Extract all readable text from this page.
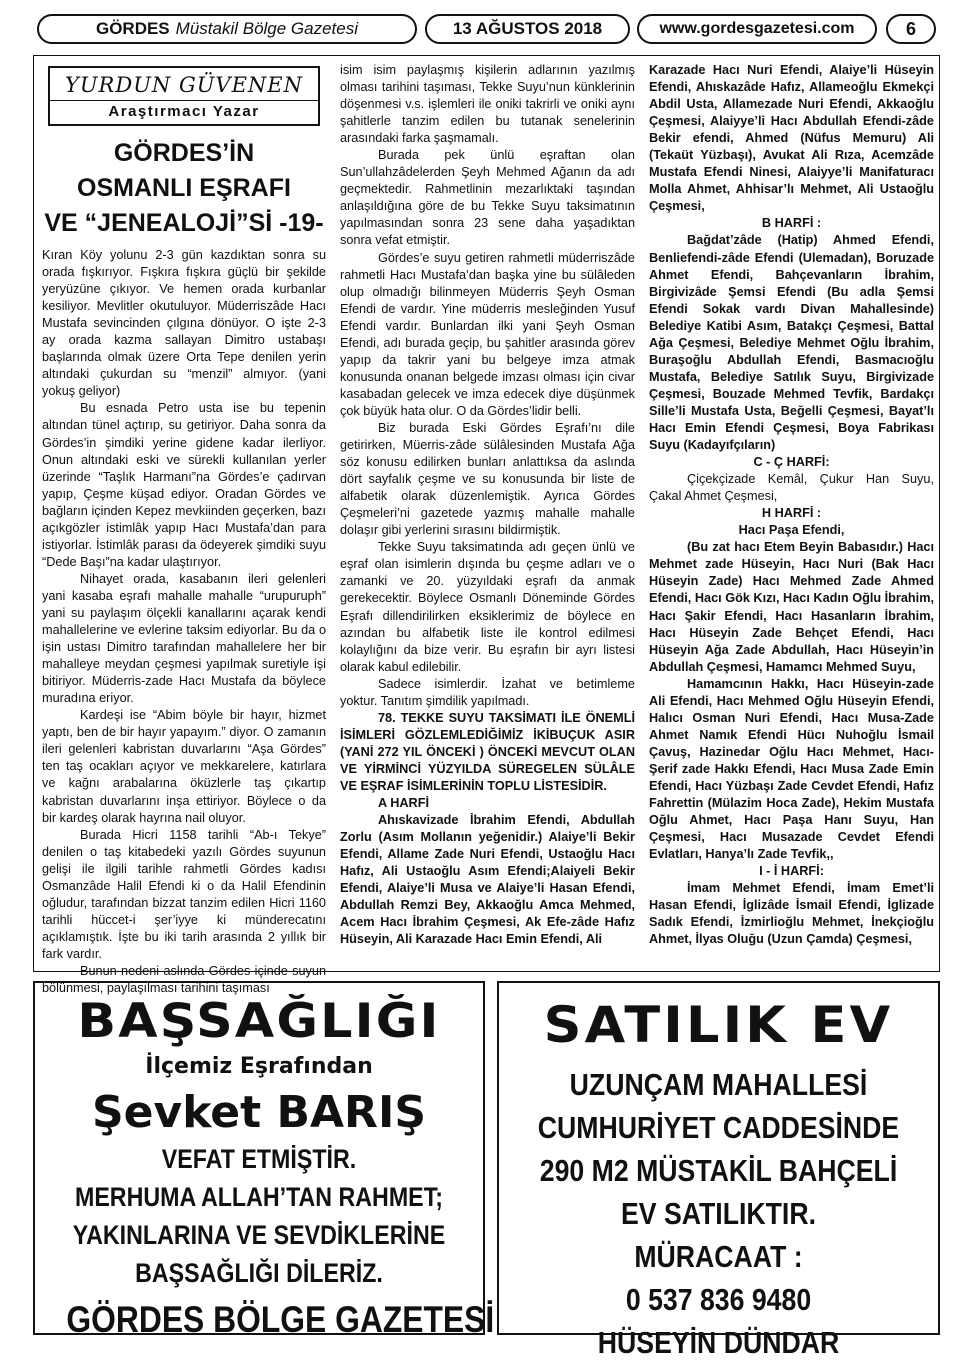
GÖRDES Müstakil Bölge Gazetesi	13 AĞUSTOS 2018	www.gordesgazetesi.com	6
YURDUN GÜVENEN
Araştırmacı Yazar
GÖRDES’İN
OSMANLI EŞRAFI
VE “JENEALOJİ”Sİ -19-

Kıran Köy yolunu 2-3 gün kazdıktan sonra su orada fışkırıyor. Fışkıra fışkıra güçlü bir şekilde yeryüzüne çıkıyor. Ve hemen orada kurbanlar kesiliyor. Mevlitler okutuluyor. Müderriszâde Hacı Mustafa sevincinden çılgına dönüyor. O işte 2-3 ay orada kazma sallayan Dimitro ustabaşı başlarında olmak üzere Orta Tepe denilen yerin altındaki çukurdan su “menzil” almıyor. (yani yokuş geliyor)

Bu esnada Petro usta ise bu tepenin altından tünel açtırıp, su getiriyor. Daha sonra da Gördes’in şimdiki yerine gidene kadar ilerliyor. Onun altındaki eski ve sürekli kullanılan yerler üzerinde “Taşlık Harmanı”na Gördes’e çadırvan yapıp, Çeşme küşad ediyor. Oradan Gördes ve bağların içinden Kepez mevkiinden geçerken, bazı açıkgözler istimlâk yapıp Hacı Mustafa’dan para istiyorlar. İstimlâk parası da ödeyerek şimdiki suyu “Dede Başı”na kadar ulaştırıyor.

Nihayet orada, kasabanın ileri gelenleri yani kasaba eşrafı mahalle mahalle “urupuruph” yani su paylaşım ölçekli kanallarını açarak kendi mahallelerine ve evlerine taksim ediyorlar. Bu da o işin ustası Dimitro tarafından mahallelere her bir mahalleye meydan çeşmesi yapılmak suretiyle işi bitiriyor. Müderris-zade Hacı Mustafa da böylece muradına eriyor.

Kardeşi ise “Abim böyle bir hayır, hizmet yaptı, ben de bir hayır yapayım.” diyor. O zamanın ileri gelenleri kabristan duvarlarını “Aşa Gördes” ten taş ocakları açıyor ve mekkarelere, katırlara ve kağnı arabalarına öküzlerle taş çıkartıp kabristan duvarlarını inşa ettiriyor. Böylece o da bir kardeş olarak hayrına nail oluyor.

Burada Hicri 1158 tarihli “Ab-ı Tekye” denilen o taş kitabedeki yazılı Gördes suyunun gelişi ile ilgili tarihle rahmetli Gördes kadısı Osmanzâde Halil Efendi ki o da Halil Efendinin oğludur, tarafından bizzat tanzim edilen Hicri 1160 tarihli hüccet-i şer’iyye ki münderecatını açıklamıştık. İşte bu iki tarih arasında 2 yıllık bir fark vardır.

Bunun nedeni aslında Gördes içinde suyun bölünmesi, paylaşılması tarihini taşıması

isim isim paylaşmış kişilerin adlarının yazılmış olması tarihini taşıması, Tekke Suyu’nun künklerinin döşenmesi v.s. işlemleri ile oniki takrirli ve oniki aynı şahitlerle tanzim edilen bu tutanak senelerinin arasındaki farka şaşmamalı.

Burada pek ünlü eşraftan olan Sun’ullahzâdelerden Şeyh Mehmed Ağanın da adı geçmektedir. Rahmetlinin mezarlıktaki taşından anlaşıldığına göre de bu Tekke Suyu taksimatının yapılmasından sonra 23 sene daha yaşadıktan sonra vefat etmiştir.

Gördes’e suyu getiren rahmetli müderriszâde rahmetli Hacı Mustafa’dan başka yine bu sülâleden olup olmadığı bilinmeyen Müderris Şeyh Osman Efendi de vardır. Yine müderris mesleğinden Yusuf Efendi vardır. Bunlardan ilki yani Şeyh Osman Efendi, adı burada geçip, bu şahitler arasında görev yapıp da takrir yani bu belgeye imza atmak konusunda onanan belgede imzası olması için civar kasabadan gelecek ve imza edecek diye düşünmek çok büyük hata olur. O da Gördes’lidir belli.

Biz burada Eski Gördes Eşrafı’nı dile getirirken, Müerris-zâde sülâlesinden Mustafa Ağa söz konusu edilirken bunları anlattıksa da aslında dört sayfalık çeşme ve su konusunda bir liste de alfabetik olarak düzenlemiştik. Ayrıca Gördes Çeşmeleri’ni gazetede yazmış mahalle mahalle dolaşır gibi yerlerini sırasını bildirmiştik.

Tekke Suyu taksimatında adı geçen ünlü ve eşraf olan isimlerin dışında bu çeşme adları ve o zamanki ve 20. yüzyıldaki eşrafı da anmak gerekecektir. Böylece Osmanlı Döneminde Gördes Eşrafı dillendirilirken eksiklerimiz de böylece en azından bu alfabetik liste ile kontrol edilmesi kolaylığını da bize verir. Bu eşrafın bir ayrı listesi olarak kabul edilebilir.

Sadece isimlerdir. İzahat ve betimleme yoktur. Tanıtım şimdilik yapılmadı.

78. TEKKE SUYU TAKSİMATI İLE ÖNEMLİ İSİMLERİ GÖZLEMLEDİĞİMİZ İKİBUÇUK ASIR (YANİ 272 YIL ÖNCEKİ ) ÖNCEKİ MEVCUT OLAN VE YİRMİNCİ YÜZYILDA SÜREGELEN SÜLÂLE VE EŞRAF İSİMLERİNİN TOPLU LİSTESİDİR.

A HARFİ

Ahıskavizade İbrahim Efendi, Abdullah Zorlu (Asım Mollanın yeğenidir.) Alaiye’li Bekir Efendi, Allame Zade Nuri Efendi, Ustaoğlu Hacı Hafız, Ali Ustaoğlu Asım Efendi;Alaiyeli Bekir Efendi, Alaiye’li Musa ve Alaiye’li Hasan Efendi, Abdullah Remzi Bey, Akkaoğlu Amca Mehmed, Acem Hacı İbrahim Çeşmesi, Ak Efe-zâde Hafız Hüseyin, Ali Karazade Hacı Emin Efendi, Ali

Karazade Hacı Nuri Efendi, Alaiye’li Hüseyin Efendi, Ahıskazâde Hafız, Allameoğlu Ekmekçi Abdil Usta, Allamezade Nuri Efendi, Akkaoğlu Çeşmesi, Alaiyye’li Hacı Abdullah Efendi-zâde Bekir efendi, Ahmed (Nüfus Memuru) Ali (Tekaüt Yüzbaşı), Avukat Ali Rıza, Acemzâde Mustafa Efendi Ninesi, Alaiyye’li Manifaturacı Molla Ahmet, Ahhisar’lı Mehmet, Ali Ustaoğlu Çeşmesi,

B HARFİ :

Bağdat’zâde (Hatip) Ahmed Efendi, Benliefendi-zâde Efendi (Ulemadan), Boruzade Ahmet Efendi, Bahçevanların İbrahim, Birgivizâde Şemsi Efendi (Bu adla Şemsi Efendi Sokak vardı Divan Mahallesinde) Belediye Katibi Asım, Batakçı Çeşmesi, Battal Ağa Çeşmesi, Belediye Mehmet Oğlu İbrahim, Buraşoğlu Abdullah Efendi, Basmacıoğlu Mustafa, Belediye Satılık Suyu, Birgivizade Çeşmesi, Bouzade Mehmed Tevfik, Bardakçı Sille’li Mustafa Usta, Beğelli Çeşmesi, Bayat’lı Hacı Emin Efendi Çeşmesi, Boya Fabrikası Suyu (Kadayıfçıların)

C - Ç HARFİ:

Çiçekçizade Kemâl, Çukur Han Suyu, Çakal Ahmet Çeşmesi,

H HARFİ :

Hacı Paşa Efendi,

(Bu zat hacı Etem Beyin Babasıdır.) Hacı Mehmet zade Hüseyin, Hacı Nuri (Bak Hacı Hüseyin Zade) Hacı Mehmed Zade Ahmed Efendi, Hacı Gök Kızı, Hacı Kadın Oğlu İbrahim, Hacı Şakir Efendi, Hacı Hasanların İbrahim, Hacı Hüseyin Zade Behçet Efendi, Hacı Hüseyin Ağa Zade Abdullah, Hacı Hüseyin’in Abdullah Çeşmesi, Hamamcı Mehmed Suyu,

Hamamcının Hakkı, Hacı Hüseyin-zade Ali Efendi, Hacı Mehmed Oğlu Hüseyin Efendi, Halıcı Osman Nuri Efendi, Hacı Musa-Zade Ahmet Namık Efendi Hücı Nuhoğlu İsmail Çavuş, Hazinedar Oğlu Hacı Mehmet, Hacı-Şerif zade Hakkı Efendi, Hacı Musa Zade Emin Efendi, Hacı Yüzbaşı Zade Cevdet Efendi, Hafız Fahrettin (Mülazim Hoca Zade), Hekim Mustafa Oğlu Ahmet, Hacı Paşa Hanı Suyu, Han Çeşmesi, Hacı Musazade Cevdet Efendi Evlatları, Hanya’lı Zade Tevfik,,

I - İ HARFİ:

İmam Mehmet Efendi, İmam Emet’li Hasan Efendi, İglizâde İsmail Efendi, İglizade Sadık Efendi, İzmirlioğlu Mehmet, İnekçioğlu Ahmet, İlyas Oluğu (Uzun Çamda) Çeşmesi,

BAŞSAĞLIĞI
İlçemiz Eşrafından
Şevket BARIŞ
VEFAT ETMİŞTİR.
MERHUMA ALLAH’TAN RAHMET;
YAKINLARINA VE SEVDİKLERİNE
BAŞSAĞLIĞI DİLERİZ.
GÖRDES BÖLGE GAZETESİ
SATILIK EV
UZUNÇAM MAHALLESİ
CUMHURİYET CADDESİNDE
290 M2 MÜSTAKİL BAHÇELİ
EV SATILIKTIR.
MÜRACAAT :
0 537 836 9480
HÜSEYİN DÜNDAR
